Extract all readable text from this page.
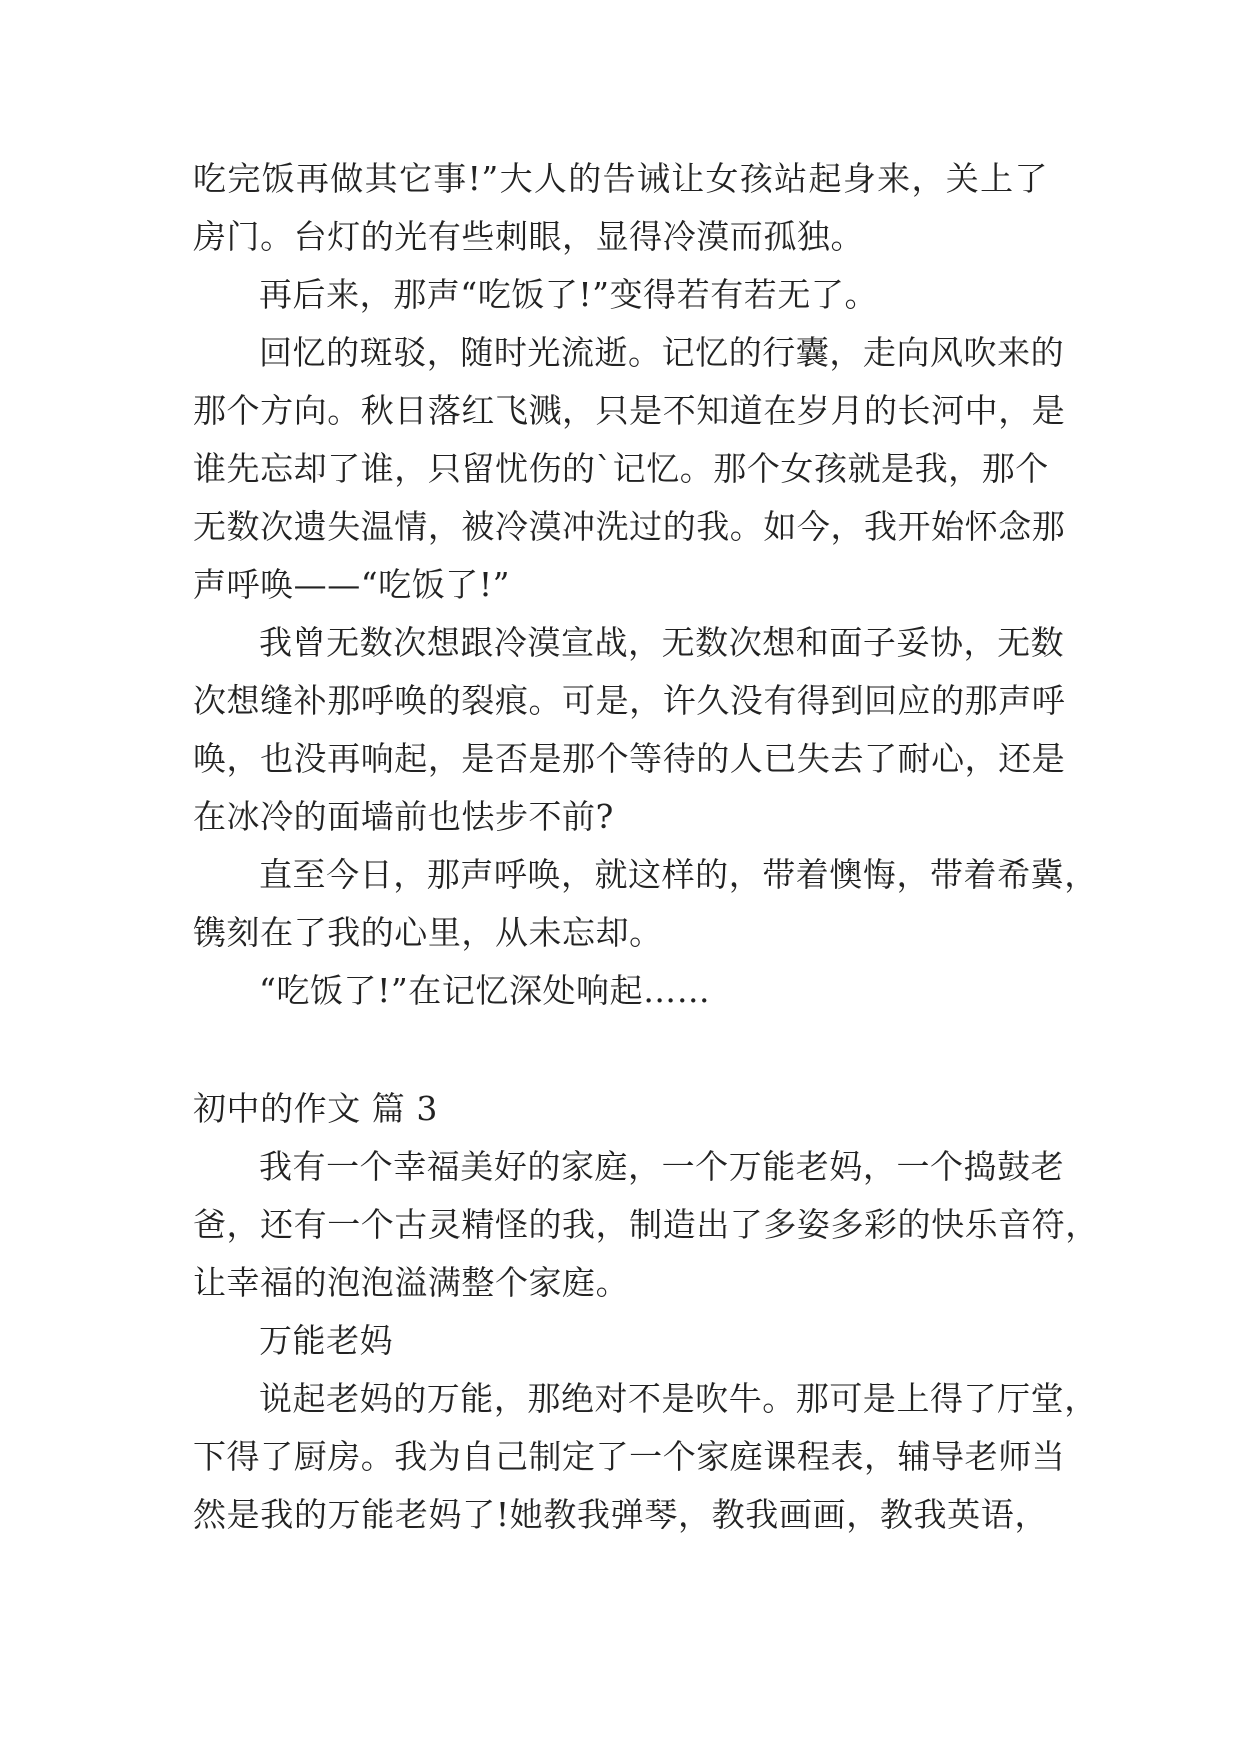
吃完饭再做其它事!”大人的告诫让女孩站起身来，关上了
房门。台灯的光有些刺眼，显得冷漠而孤独。
再后来，那声“吃饭了!”变得若有若无了。
回忆的斑驳，随时光流逝。记忆的行囊，走向风吹来的
那个方向。秋日落红飞溅，只是不知道在岁月的长河中，是
谁先忘却了谁，只留忧伤的`记忆。那个女孩就是我，那个
无数次遗失温情，被冷漠冲洗过的我。如今，我开始怀念那
声呼唤——“吃饭了!”
我曾无数次想跟冷漠宣战，无数次想和面子妥协，无数
次想缝补那呼唤的裂痕。可是，许久没有得到回应的那声呼
唤，也没再响起，是否是那个等待的人已失去了耐心，还是
在冰冷的面墙前也怯步不前?
直至今日，那声呼唤，就这样的，带着懊悔，带着希冀，
镌刻在了我的心里，从未忘却。
“吃饭了!”在记忆深处响起……
初中的作文 篇 3
我有一个幸福美好的家庭，一个万能老妈，一个捣鼓老
爸，还有一个古灵精怪的我，制造出了多姿多彩的快乐音符，
让幸福的泡泡溢满整个家庭。
万能老妈
说起老妈的万能，那绝对不是吹牛。那可是上得了厅堂，
下得了厨房。我为自己制定了一个家庭课程表，辅导老师当
然是我的万能老妈了!她教我弹琴，教我画画，教我英语，
